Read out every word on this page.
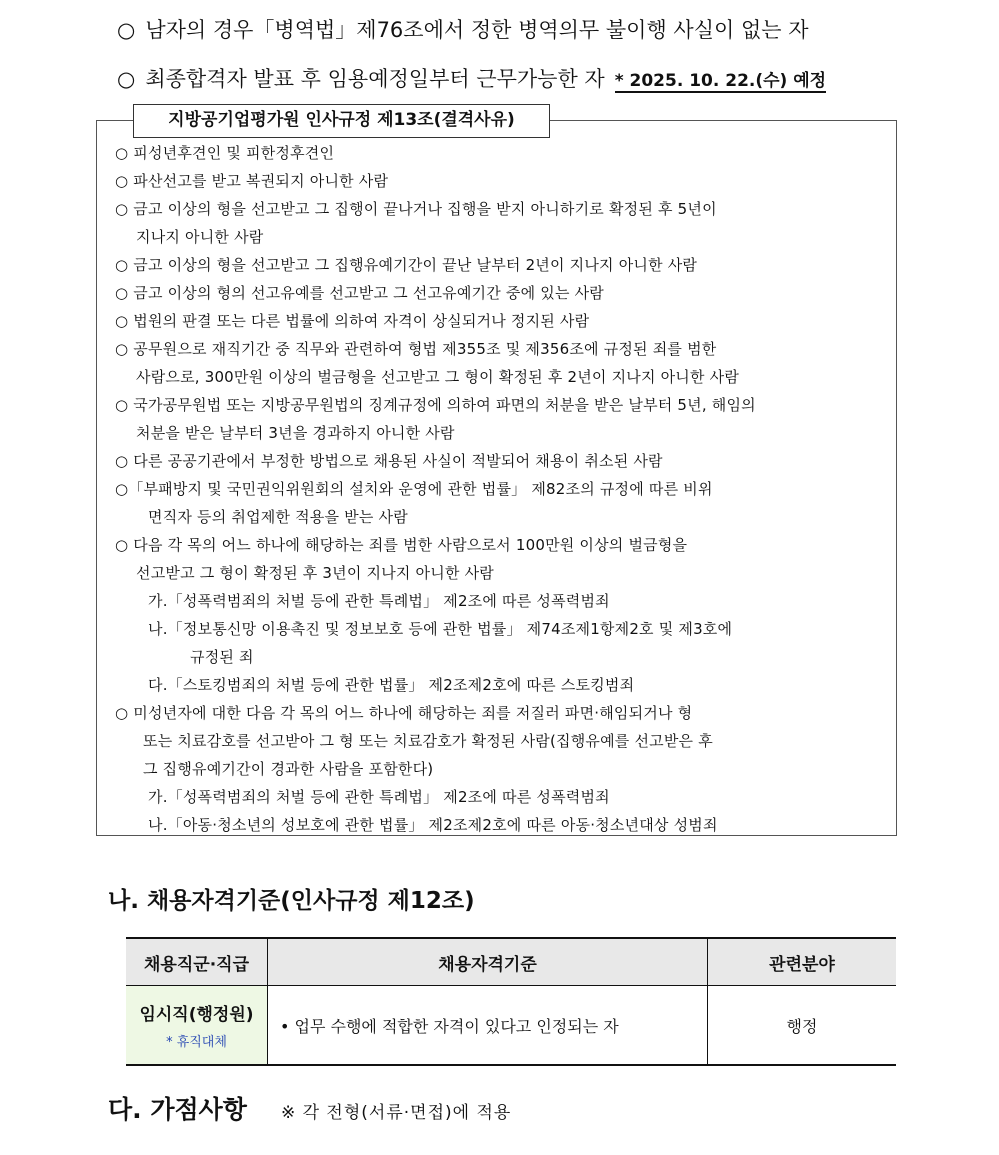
○ 남자의 경우「병역법」제76조에서 정한 병역의무 불이행 사실이 없는 자
○ 최종합격자 발표 후 임용예정일부터 근무가능한 자 * 2025. 10. 22.(수) 예정
지방공기업평가원 인사규정 제13조(결격사유)
○ 피성년후견인 및 피한정후견인
○ 파산선고를 받고 복권되지 아니한 사람
○ 금고 이상의 형을 선고받고 그 집행이 끝나거나 집행을 받지 아니하기로 확정된 후 5년이
지나지 아니한 사람
○ 금고 이상의 형을 선고받고 그 집행유예기간이 끝난 날부터 2년이 지나지 아니한 사람
○ 금고 이상의 형의 선고유예를 선고받고 그 선고유예기간 중에 있는 사람
○ 법원의 판결 또는 다른 법률에 의하여 자격이 상실되거나 정지된 사람
○ 공무원으로 재직기간 중 직무와 관련하여 형법 제355조 및 제356조에 규정된 죄를 범한
사람으로, 300만원 이상의 벌금형을 선고받고 그 형이 확정된 후 2년이 지나지 아니한 사람
○ 국가공무원법 또는 지방공무원법의 징계규정에 의하여 파면의 처분을 받은 날부터 5년, 해임의
처분을 받은 날부터 3년을 경과하지 아니한 사람
○ 다른 공공기관에서 부정한 방법으로 채용된 사실이 적발되어 채용이 취소된 사람
○「부패방지 및 국민권익위원회의 설치와 운영에 관한 법률」 제82조의 규정에 따른 비위
면직자 등의 취업제한 적용을 받는 사람
○ 다음 각 목의 어느 하나에 해당하는 죄를 범한 사람으로서 100만원 이상의 벌금형을
선고받고 그 형이 확정된 후 3년이 지나지 아니한 사람
가.「성폭력범죄의 처벌 등에 관한 특례법」 제2조에 따른 성폭력범죄
나.「정보통신망 이용촉진 및 정보보호 등에 관한 법률」 제74조제1항제2호 및 제3호에
규정된 죄
다.「스토킹범죄의 처벌 등에 관한 법률」 제2조제2호에 따른 스토킹범죄
○ 미성년자에 대한 다음 각 목의 어느 하나에 해당하는 죄를 저질러 파면·해임되거나 형
또는 치료감호를 선고받아 그 형 또는 치료감호가 확정된 사람(집행유예를 선고받은 후
그 집행유예기간이 경과한 사람을 포함한다)
가.「성폭력범죄의 처벌 등에 관한 특례법」 제2조에 따른 성폭력범죄
나.「아동·청소년의 성보호에 관한 법률」 제2조제2호에 따른 아동·청소년대상 성범죄
나. 채용자격기준(인사규정 제12조)
채용직군·직급	채용자격기준	관련분야

임시직(행정원)
* 휴직대체	• 업무 수행에 적합한 자격이 있다고 인정되는 자	행정
다. 가점사항 ※ 각 전형(서류·면접)에 적용
